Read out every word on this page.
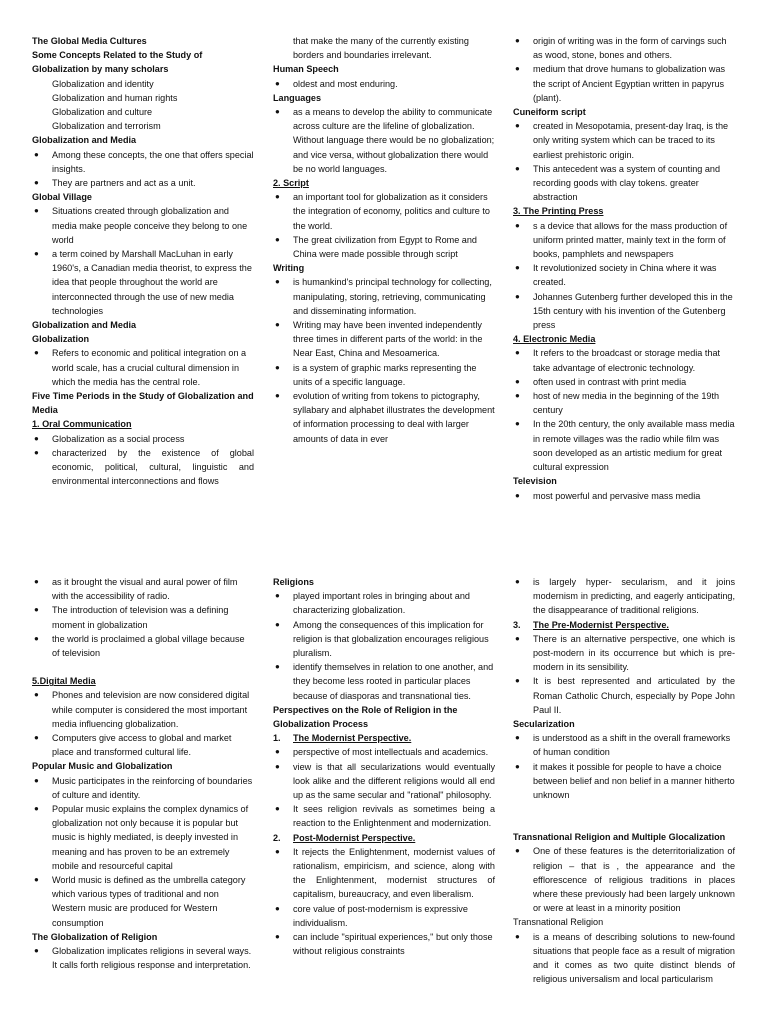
The Global Media Cultures
Some Concepts Related to the Study of Globalization by many scholars
Globalization and identity
Globalization and human rights
Globalization and culture
Globalization and terrorism
Globalization and Media
● Among these concepts, the one that offers special insights.
● They are partners and act as a unit.
Global Village
● Situations created through globalization and media make people conceive they belong to one world
● a term coined by Marshall MacLuhan in early 1960's, a Canadian media theorist, to express the idea that people throughout the world are interconnected through the use of new media technologies
Globalization and Media
Globalization
● Refers to economic and political integration on a world scale, has a crucial cultural dimension in which the media has the central role.
Five Time Periods in the Study of Globalization and Media
1. Oral Communication
● Globalization as a social process
● characterized by the existence of global economic, political, cultural, linguistic and environmental interconnections and flows
that make the many of the currently existing borders and boundaries irrelevant.
Human Speech
● oldest and most enduring.
Languages
● as a means to develop the ability to communicate across culture are the lifeline of globalization. Without language there would be no globalization; and vice versa, without globalization there would be no world languages.
2. Script
● an important tool for globalization as it considers the integration of economy, politics and culture to the world.
● The great civilization from Egypt to Rome and China were made possible through script
Writing
● is humankind's principal technology for collecting, manipulating, storing, retrieving, communicating and disseminating information.
● Writing may have been invented independently three times in different parts of the world: in the Near East, China and Mesoamerica.
● is a system of graphic marks representing the units of a specific language.
● evolution of writing from tokens to pictography, syllabary and alphabet illustrates the development of information processing to deal with larger amounts of data in ever
● origin of writing was in the form of carvings such as wood, stone, bones and others.
● medium that drove humans to globalization was the script of Ancient Egyptian written in papyrus (plant).
Cuneiform script
● created in Mesopotamia, present-day Iraq, is the only writing system which can be traced to its earliest prehistoric origin.
● This antecedent was a system of counting and recording goods with clay tokens. greater abstraction
3. The Printing Press
● s a device that allows for the mass production of uniform printed matter, mainly text in the form of books, pamphlets and newspapers
● It revolutionized society in China where it was created.
● Johannes Gutenberg further developed this in the 15th century with his invention of the Gutenberg press
4. Electronic Media
● It refers to the broadcast or storage media that take advantage of electronic technology.
● often used in contrast with print media
● host of new media in the beginning of the 19th century
● In the 20th century, the only available mass media in remote villages was the radio while film was soon developed as an artistic medium for great cultural expression
Television
● most powerful and pervasive mass media
● as it brought the visual and aural power of film with the accessibility of radio.
● The introduction of television was a defining moment in globalization
● the world is proclaimed a global village because of television
5.Digital Media
● Phones and television are now considered digital while computer is considered the most important media influencing globalization.
● Computers give access to global and market place and transformed cultural life.
Popular Music and Globalization
● Music participates in the reinforcing of boundaries of culture and identity.
● Popular music explains the complex dynamics of globalization not only because it is popular but music is highly mediated, is deeply invested in meaning and has proven to be an extremely mobile and resourceful capital
● World music is defined as the umbrella category which various types of traditional and non Western music are produced for Western consumption
The Globalization of Religion
● Globalization implicates religions in several ways. It calls forth religious response and interpretation.
Religions
● played important roles in bringing about and characterizing globalization.
● Among the consequences of this implication for religion is that globalization encourages religious pluralism.
● identify themselves in relation to one another, and they become less rooted in particular places because of diasporas and transnational ties.
Perspectives on the Role of Religion in the Globalization Process
1. The Modernist Perspective.
● perspective of most intellectuals and academics.
● view is that all secularizations would eventually look alike and the different religions would all end up as the same secular and "rational" philosophy.
● It sees religion revivals as sometimes being a reaction to the Enlightenment and modernization.
2. Post-Modernist Perspective.
● It rejects the Enlightenment, modernist values of rationalism, empiricism, and science, along with the Enlightenment, modernist structures of capitalism, bureaucracy, and even liberalism.
● core value of post-modernism is expressive individualism.
● can include "spiritual experiences," but only those without religious constraints
● is largely hyper- secularism, and it joins modernism in predicting, and eagerly anticipating, the disappearance of traditional religions.
3. The Pre-Modernist Perspective.
● There is an alternative perspective, one which is post-modern in its occurrence but which is pre-modern in its sensibility.
● It is best represented and articulated by the Roman Catholic Church, especially by Pope John Paul II.
Secularization
● is understood as a shift in the overall frameworks of human condition
● it makes it possible for people to have a choice between belief and non belief in a manner hitherto unknown
Transnational Religion and Multiple Glocalization
● One of these features is the deterritorialization of religion – that is , the appearance and the efflorescence of religious traditions in places where these previously had been largely unknown or were at least in a minority position
Transnational Religion
● is a means of describing solutions to new-found situations that people face as a result of migration and it comes as two quite distinct blends of religious universalism and local particularism
